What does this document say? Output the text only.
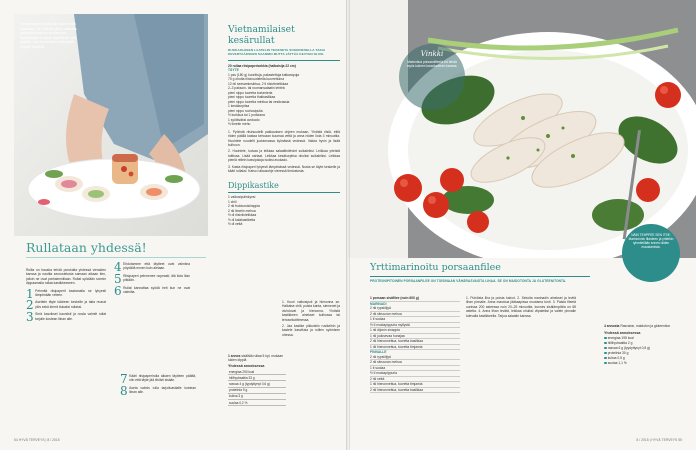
Vietnamilaiset kesärullat ovat keveää huuloissa. Ne ovat kevyitä ja raikkaita, salaattiaineksia tuoreudessaan. Dippikastike on aivan täydellinen näin kesällä. Jaat ne keskiöön käärimällä pöydän keskelle.
Vietnamilaiset kesärullat
RUOKAOHJEEN LAATELIN TEOKSETA SOKERIKSELLA TAKIA KEVERTÄÄKSEEN SAANNIN MUTTA JÄTTÄÄ KEVYEN OLON.
20 rullaa riisipaperiarkkia (halkaisija 22 cm)
TÄYTE
1 pss (180 g) kuorittuja, pakastettuja katkarapuja
75 g ohutta riisinuudeleita kuorrettuina
12 rkl seesaminsiirtua, 2 tl riisiviinietikkaa
2–3 paksoin- tai roomansalaatin lehteä
pieni nippu tuoretta korianteria
pieni nippu tuoretta thaibasilikaa
pieni nippu tuoretta minttua tai vesikrassia
1 kesäkurpitsa
pieni nippu ruohosipulia
½ kurkkua tai 1 porkkana
1 syötäväksi avokado
½ limetin mehu
1. Pyöristä riisinuudelit pakkauksen ohjeen mukaan. Yhdistä riisiä, etitä riiden päällä kastaa kehoaan kuumaa vettä ja anna niiden liota 3 minuuttia. Huuhtele nuudelit juoksevassa kylmässä vedessä. Valuta hyvin ja lisää kulhoon.
2. Huuhtele, kuivaa ja leikkaa salaattinlehdet suikaleiksi. Leikkaa yrteistä tuittiosa. Lisää vartaat. Leikkaa kesäkurpitsa ohuiksi suikaleiksi. Leikkaa pieniä rellein kasvipaloja isoiksi avokado.
3. Kasta riisipaperi lyhyesti lämpimässä vedessä. Nosta se täyte keskelle ja kääri rullaksi. Katso rullausohje vieressä tiedostosta.
Dippikastike
1 valkosipulinkynsi
1 chili
2 rkl fruktoosisiirappia
2 rkl limetin mehua
½ dl riisiviinietikkaa
½ dl kalakastiketta
½ dl vettä
1. Kuori valkosipuli ja hienonna se. Halkaise chili, poista kanta, siemenet ja viuhduvat ja hienonna. Yhdistä kastikkeen ainekset kulhossa tai tehosekoittimessa.
2. Jaa kastike pikkuisiin rusikeihin ja kastele kasviksia ja rullien syömisen ohessa.
1 annos sisältää rullaa 5 kpl, mukaan lukien dippiä
Yhdessä annoksessa
energiaa 250 kcal
hiilihydraattia 33 g
rasvaa 4 g (tyydyttynyt 0,6 g)
proteiinia 9 g
kuitua 3 g
suolaa 0,2 %
Rullataan yhdessä!
Rullia on hauska tehdä porukalla yhdessä vieraiden kanssa ja nauttia seurustelusta samaan aikaan tien, jolloin ne ovat parhaimmillaan. Rullat syödään sormin dippaamalla rullaa kastikkeeseen.
1 Pehmitä riisipaperit kastamalla se lyhyesti lämpimään veteen.
2 Asettele täyte kääreen keskelle ja taita reunat ylös sekä kierrä tiukaksi rullaksi.
3 Sirrä kasvikset kauniisti ja nosta valmiit rullat tarjolle kostean liinan alle.
4 Ehdotamme että täytteet ovat valmiina pöydällä ennen kuin aletaan.
5 Riisipaperi pehmenee nopeasti; älä liota liian pitkään.
6 Rullat kannattaa syödä heti kun ne ovat valmiita.
7 Kääri riisipaperirulla alkaen täytteen päältä, niin että täyte jää tiiviisti sisään.
8 Aseta valmis rulla tarjoiluastialle kostean liinan alle.
54 HYVÄ TERVEYS | 8 / 2015
Yrttimarinoitu porsaanfilee
PROTEIINIPITOINEN PORSAANFILEE ON TOISINAAN VÄHÄRASVAISTA LIHAA. SE ON MAIDOTONTA JA GLUTEENITONTA.
1 porsaan sisäfilee (noin 600 g)
MARINADI
2 rkl rypsiöljyä
2 rkl sitruunan mehua
1 tl suolaa
½ tl mustapippuria myllystä
1 rkl dijonin sinappia
1 rkl juoksevaa hunajaa
2 rkl hienonnettua, tuoretta basilikaa
1 rkl hienonnettua, tuoretta timjamia
PINNALLE
2 rkl rypsiöljyä
2 rkl sitruunan mehua
1 tl suolaa
½ tl mustapippuria
2 rkl vettä
1 rkl hienonnettua, tuoretta timjamia
2 rkl hienonnettua, tuoretta basilikaa
1. Puhdista liha ja poista kalvot. 2. Sekoita marinadin ainekset ja levitä lihan pinnalle. Anna maustua jääkaapissa muutama tunti. 3. Paista fileetä uunissa 200 asteessa noin 20–25 minuuttia, kunnes sisälämpötila on 68 astetta. 4. Anna lihan levätä, leikkaa ohuiksi viipaleiksi ja valele pinnalle tulevalla kastikkeella. Tarjoa salaatin kanssa.
4 annosta Rasvaton, maidoton ja gluteeniton
Yhdessä annoksessa
energiaa 195 kcal
hiilihydraattia 2 g
rasvaa 6 g (tyydyttynyt 0,8 g)
proteiinia 30 g
kuitua 0,5 g
suolaa 1,1 %
8 / 2015 | HYVÄ TERVEYS 55
Vinkki
Marinoitua porsaanfileetä voi tehdä myös kolmen kausituotteen kanssa.
NÄIN TEHPPEE SEN ITSE: Marinoinnin tilanteen ja yrtteihin ryhmitellään ennen niiden maustamista.
